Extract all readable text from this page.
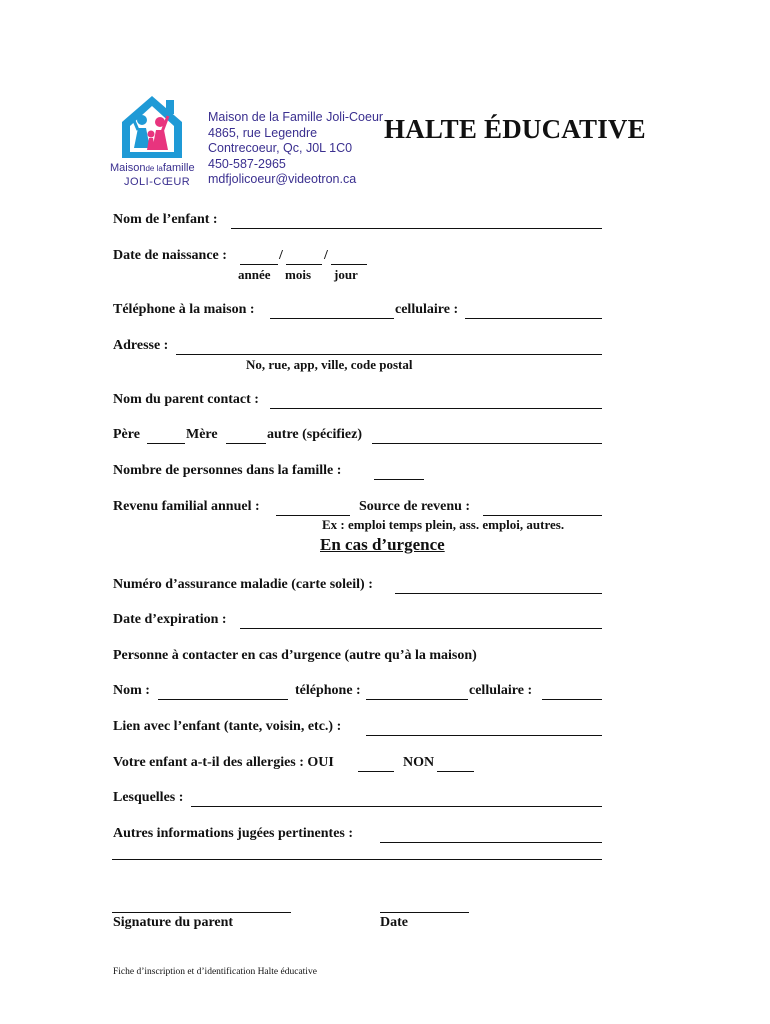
Maisonde lafamille
JOLI-CŒUR
Maison de la Famille Joli-Coeur
4865, rue Legendre
Contrecoeur, Qc, J0L 1C0
450-587-2965
mdfjolicoeur@videotron.ca
HALTE ÉDUCATIVE
Nom de l’enfant :
Date de naissance :	/	/
année mois jour
Téléphone à la maison :	cellulaire :
Adresse :
No, rue, app, ville, code postal
Nom du parent contact :
Père	Mère	autre (spécifiez)
Nombre de personnes dans la famille :
Revenu familial annuel :	Source de revenu :
Ex : emploi temps plein, ass. emploi, autres.
En cas d’urgence
Numéro d’assurance maladie (carte soleil) :
Date d’expiration :
Personne à contacter en cas d’urgence (autre qu’à la maison)
Nom :	téléphone :	cellulaire :
Lien avec l’enfant (tante, voisin, etc.) :
Votre enfant a-t-il des allergies : OUI	NON
Lesquelles :
Autres informations jugées pertinentes :
Signature du parent	Date
Fiche d’inscription et d’identification Halte éducative
